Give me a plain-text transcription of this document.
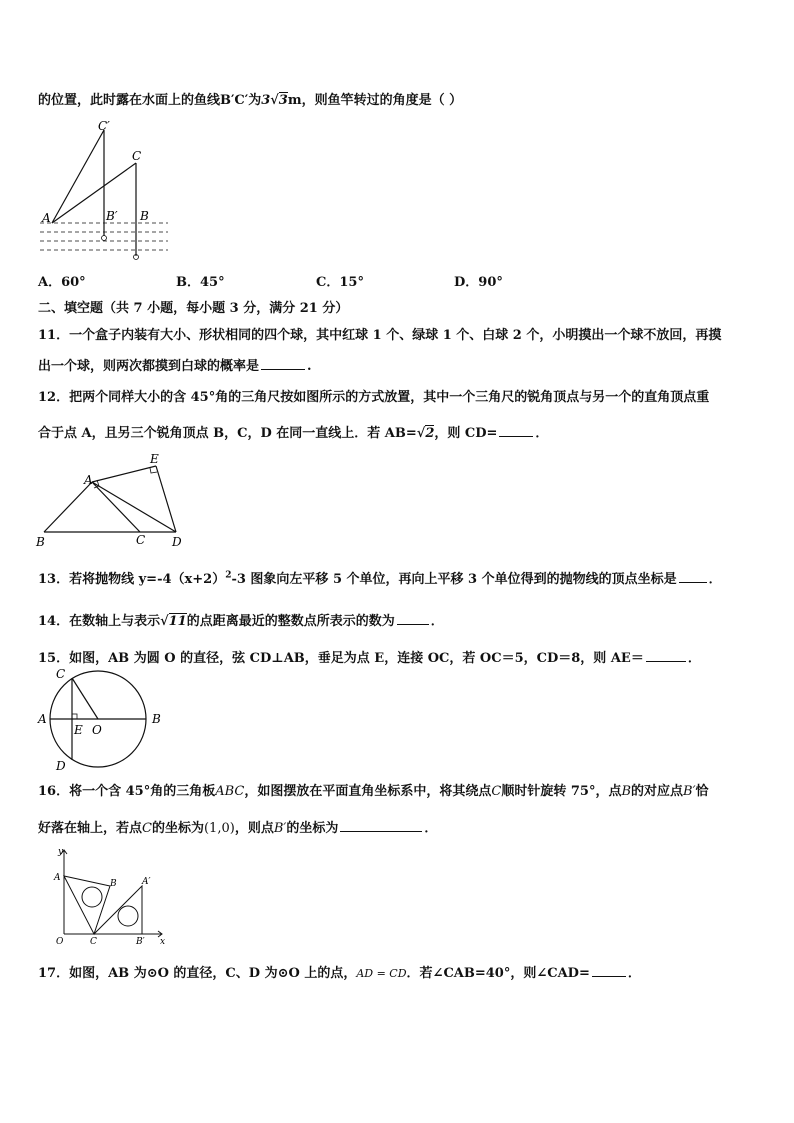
的位置，此时露在水面上的鱼线B′C′为3√3m，则鱼竿转过的角度是（ ）
C′
C
A	B′ B
A．60°	B．45°	C．15°	D．90°
二、填空题（共 7 小题，每小题 3 分，满分 21 分）
11．一个盒子内装有大小、形状相同的四个球，其中红球 1 个、绿球 1 个、白球 2 个，小明摸出一个球不放回，再摸
出一个球，则两次都摸到白球的概率是	.
12．把两个同样大小的含 45°角的三角尺按如图所示的方式放置，其中一个三角尺的锐角顶点与另一个的直角顶点重
合于点 A，且另三个锐角顶点 B，C，D 在同一直线上．若 AB=√2，则 CD=	．
E
A
B	C D
13．若将抛物线 $y=-4(x+2)^2-3$ 图象向左平移 5 个单位，再向上平移 3 个单位得到的抛物线的顶点坐标是 ．
14．在数轴上与表示√11的点距离最近的整数点所表示的数为	．
15．如图，AB 为圆 O 的直径，弦 CD⊥AB，垂足为点 E，连接 OC，若 OC＝5，CD＝8，则 AE＝	．
C
A	B
E O
D
16．将一个含 45°角的三角板ABC，如图摆放在平面直角坐标系中，将其绕点C顺时针旋转 75°，点B的对应点B′恰
好落在轴上，若点C的坐标为(1,0)，则点B′的坐标为	．
y
A
B	A′
O	C	B′ x
17．如图，AB 为⊙O 的直径，C、D 为⊙O 上的点，AD = CD．若∠CAB=40°，则∠CAD=	．
